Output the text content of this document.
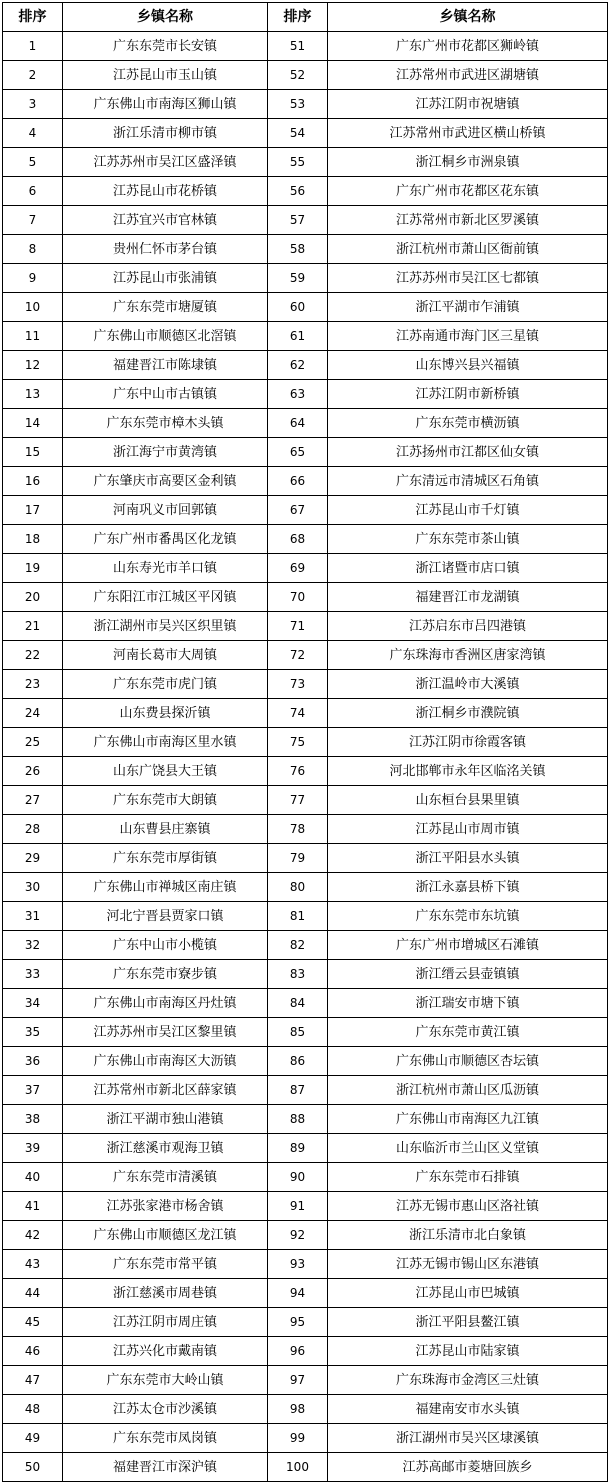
排序	乡镇名称	排序	乡镇名称
1	广东东莞市长安镇	51	广东广州市花都区狮岭镇
2	江苏昆山市玉山镇	52	江苏常州市武进区湖塘镇
3	广东佛山市南海区狮山镇	53	江苏江阴市祝塘镇
4	浙江乐清市柳市镇	54	江苏常州市武进区横山桥镇
5	江苏苏州市吴江区盛泽镇	55	浙江桐乡市洲泉镇
6	江苏昆山市花桥镇	56	广东广州市花都区花东镇
7	江苏宜兴市官林镇	57	江苏常州市新北区罗溪镇
8	贵州仁怀市茅台镇	58	浙江杭州市萧山区衙前镇
9	江苏昆山市张浦镇	59	江苏苏州市吴江区七都镇
10	广东东莞市塘厦镇	60	浙江平湖市乍浦镇
11	广东佛山市顺德区北滘镇	61	江苏南通市海门区三星镇
12	福建晋江市陈埭镇	62	山东博兴县兴福镇
13	广东中山市古镇镇	63	江苏江阴市新桥镇
14	广东东莞市樟木头镇	64	广东东莞市横沥镇
15	浙江海宁市黄湾镇	65	江苏扬州市江都区仙女镇
16	广东肇庆市高要区金利镇	66	广东清远市清城区石角镇
17	河南巩义市回郭镇	67	江苏昆山市千灯镇
18	广东广州市番禺区化龙镇	68	广东东莞市茶山镇
19	山东寿光市羊口镇	69	浙江诸暨市店口镇
20	广东阳江市江城区平冈镇	70	福建晋江市龙湖镇
21	浙江湖州市吴兴区织里镇	71	江苏启东市吕四港镇
22	河南长葛市大周镇	72	广东珠海市香洲区唐家湾镇
23	广东东莞市虎门镇	73	浙江温岭市大溪镇
24	山东费县探沂镇	74	浙江桐乡市濮院镇
25	广东佛山市南海区里水镇	75	江苏江阴市徐霞客镇
26	山东广饶县大王镇	76	河北邯郸市永年区临洺关镇
27	广东东莞市大朗镇	77	山东桓台县果里镇
28	山东曹县庄寨镇	78	江苏昆山市周市镇
29	广东东莞市厚街镇	79	浙江平阳县水头镇
30	广东佛山市禅城区南庄镇	80	浙江永嘉县桥下镇
31	河北宁晋县贾家口镇	81	广东东莞市东坑镇
32	广东中山市小榄镇	82	广东广州市增城区石滩镇
33	广东东莞市寮步镇	83	浙江缙云县壶镇镇
34	广东佛山市南海区丹灶镇	84	浙江瑞安市塘下镇
35	江苏苏州市吴江区黎里镇	85	广东东莞市黄江镇
36	广东佛山市南海区大沥镇	86	广东佛山市顺德区杏坛镇
37	江苏常州市新北区薛家镇	87	浙江杭州市萧山区瓜沥镇
38	浙江平湖市独山港镇	88	广东佛山市南海区九江镇
39	浙江慈溪市观海卫镇	89	山东临沂市兰山区义堂镇
40	广东东莞市清溪镇	90	广东东莞市石排镇
41	江苏张家港市杨舍镇	91	江苏无锡市惠山区洛社镇
42	广东佛山市顺德区龙江镇	92	浙江乐清市北白象镇
43	广东东莞市常平镇	93	江苏无锡市锡山区东港镇
44	浙江慈溪市周巷镇	94	江苏昆山市巴城镇
45	江苏江阴市周庄镇	95	浙江平阳县鳌江镇
46	江苏兴化市戴南镇	96	江苏昆山市陆家镇
47	广东东莞市大岭山镇	97	广东珠海市金湾区三灶镇
48	江苏太仓市沙溪镇	98	福建南安市水头镇
49	广东东莞市凤岗镇	99	浙江湖州市吴兴区埭溪镇
50	福建晋江市深沪镇	100	江苏高邮市菱塘回族乡
